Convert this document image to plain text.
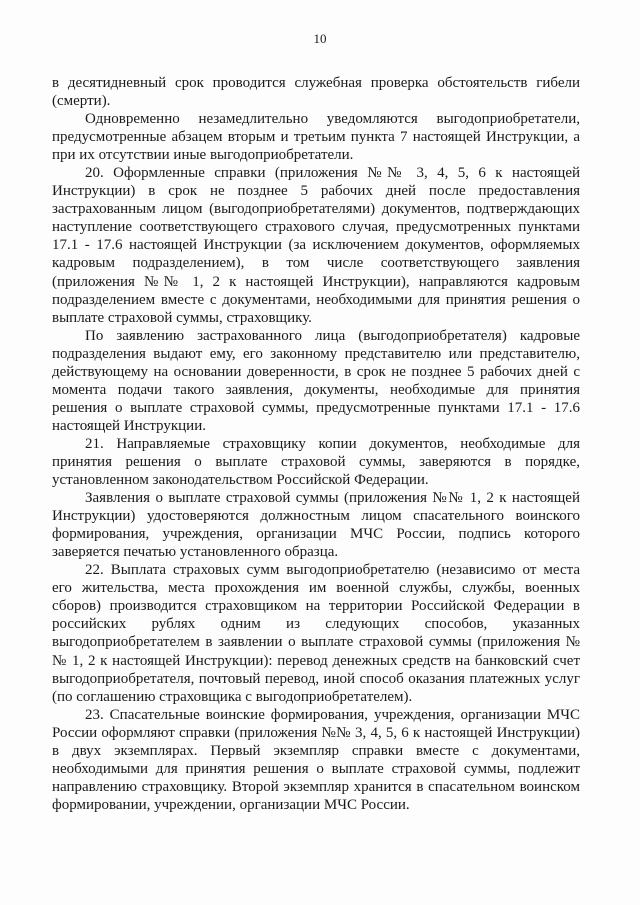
10

в десятидневный срок проводится служебная проверка обстоятельств гибели (смерти).

Одновременно незамедлительно уведомляются выгодоприобретатели, предусмотренные абзацем вторым и третьим пункта 7 настоящей Инструкции, а при их отсутствии иные выгодоприобретатели.

20. Оформленные справки (приложения №№ 3, 4, 5, 6 к настоящей Инструкции) в срок не позднее 5 рабочих дней после предоставления застрахованным лицом (выгодоприобретателями) документов, подтверждающих наступление соответствующего страхового случая, предусмотренных пунктами 17.1 - 17.6 настоящей Инструкции (за исключением документов, оформляемых кадровым подразделением), в том числе соответствующего заявления (приложения №№ 1, 2 к настоящей Инструкции), направляются кадровым подразделением вместе с документами, необходимыми для принятия решения о выплате страховой суммы, страховщику.

По заявлению застрахованного лица (выгодоприобретателя) кадровые подразделения выдают ему, его законному представителю или представителю, действующему на основании доверенности, в срок не позднее 5 рабочих дней с момента подачи такого заявления, документы, необходимые для принятия решения о выплате страховой суммы, предусмотренные пунктами 17.1 - 17.6 настоящей Инструкции.

21. Направляемые страховщику копии документов, необходимые для принятия решения о выплате страховой суммы, заверяются в порядке, установленном законодательством Российской Федерации.

Заявления о выплате страховой суммы (приложения №№ 1, 2 к настоящей Инструкции) удостоверяются должностным лицом спасательного воинского формирования, учреждения, организации МЧС России, подпись которого заверяется печатью установленного образца.

22. Выплата страховых сумм выгодоприобретателю (независимо от места его жительства, места прохождения им военной службы, службы, военных сборов) производится страховщиком на территории Российской Федерации в российских рублях одним из следующих способов, указанных выгодоприобретателем в заявлении о выплате страховой суммы (приложения №№ 1, 2 к настоящей Инструкции): перевод денежных средств на банковский счет выгодоприобретателя, почтовый перевод, иной способ оказания платежных услуг (по соглашению страховщика с выгодоприобретателем).

23. Спасательные воинские формирования, учреждения, организации МЧС России оформляют справки (приложения №№ 3, 4, 5, 6 к настоящей Инструкции) в двух экземплярах. Первый экземпляр справки вместе с документами, необходимыми для принятия решения о выплате страховой суммы, подлежит направлению страховщику. Второй экземпляр хранится в спасательном воинском формировании, учреждении, организации МЧС России.
